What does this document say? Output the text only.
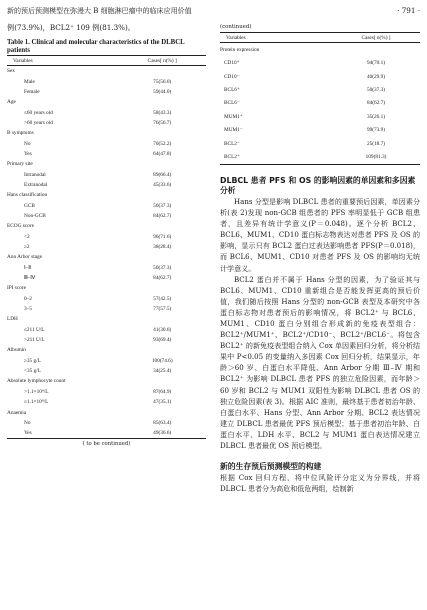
新的预后预测模型在弥漫大 B 细胞淋巴瘤中的临床应用价值	· 791 ·
例(73.9%)，BCL2⁺ 109 例(81.3%)。
Table 1. Clinical and molecular characteristics of the DLBCL patients
Variables	Cases[ n(%) ]
Sex	
Male	75(56.0)
Female	59(44.0)
Age	
≤60 years old	58(43.3)
>60 years old	76(56.7)
B symptoms	
No	70(52.2)
Yes	64(47.8)
Primary site	
Intranodal	89(66.4)
Extranodal	45(33.6)
Hans classification	
GCB	50(37.3)
Non-GCB	84(62.7)
ECOG score	
<2	96(71.6)
≥2	38(28.4)
Ann Arbor stage	
Ⅰ–Ⅱ	50(37.3)
Ⅲ–Ⅳ	84(62.7)
IPI score	
0–2	57(42.5)
3–5	77(57.5)
LDH	
≤211 U/L	41(30.6)
>211 U/L	93(69.4)
Albumin	
≥35 g/L	100(74.6)
<35 g/L	34(25.4)
Absolute lymphocyte count	
>1.1×10⁹/L	87(64.9)
≤1.1×10⁹/L	47(35.1)
Anaemia	
No	85(63.4)
Yes	49(36.6)
( to be continued)
(continued)
Variables	Cases[ n(%) ]
Protein expression	
CD10⁺	94(70.1)
CD10⁻	40(29.9)
BCL6⁺	50(37.3)
BCL6⁻	84(62.7)
MUM1⁺	35(26.1)
MUM1⁻	99(73.9)
BCL2⁻	25(18.7)
BCL2⁺	109(81.3)
DLBCL 患者 PFS 和 OS 的影响因素的单因素和多因素分析

Hans 分型是影响 DLBCL 患者的重要预后因素，单因素分析(表 2)发现 non-GCB 组患者的 PFS 率明显低于 GCB 组患者，且差异有统计学意义(P＝0.048)。逐个分析 BCL2、BCL6、MUM1、CD10 蛋白标志物表达对患者 PFS 及 OS 的影响，显示只有 BCL2 蛋白过表达影响患者 PFS(P＝0.018)，而 BCL6、MUM1、CD10 对患者 PFS 及 OS 的影响均无统计学意义。

BCL2 蛋白并不属于 Hans 分型的因素，为了验证其与 BCL6、MUM1、CD10 重新组合是否能发挥更高的预后价值，我们随后按照 Hans 分型的 non-GCB 表型及本研究中各蛋白标志物对患者预后的影响情况，将 BCL2⁺ 与 BCL6、MUM1、CD10 蛋白分别组合形成新的免疫表型组合：BCL2⁺/MUM1⁺、BCL2⁺/CD10⁻、BCL2⁺/BCL6⁻。将包含 BCL2⁺ 的新免疫表型组合纳入 Cox 单因素回归分析，将分析结果中 P<0.05 的变量纳入多因素 Cox 回归分析，结果显示，年龄＞60 岁、白蛋白水平降低、Ann Arbor 分期 Ⅲ–Ⅳ 期和 BCL2⁺ 为影响 DLBCL 患者 PFS 的独立危险因素，而年龄＞60 岁和 BCL2 与 MUM1 双阳性为影响 DLBCL 患者 OS 的独立危险因素(表 3)。根据 AIC 准则，最终基于患者初治年龄、白蛋白水平、Hans 分型、Ann Arbor 分期、BCL2 表达情况建立 DLBCL 患者最优 PFS 预后模型；基于患者初治年龄、白蛋白水平、LDH 水平、BCL2 与 MUM1 蛋白表达情况建立 DLBCL 患者最优 OS 预后模型。

新的生存预后预测模型的构建

根据 Cox 回归方程，将中位风险评分定义为分界线，并将 DLBCL 患者分为高危和低危两组，绘制新
